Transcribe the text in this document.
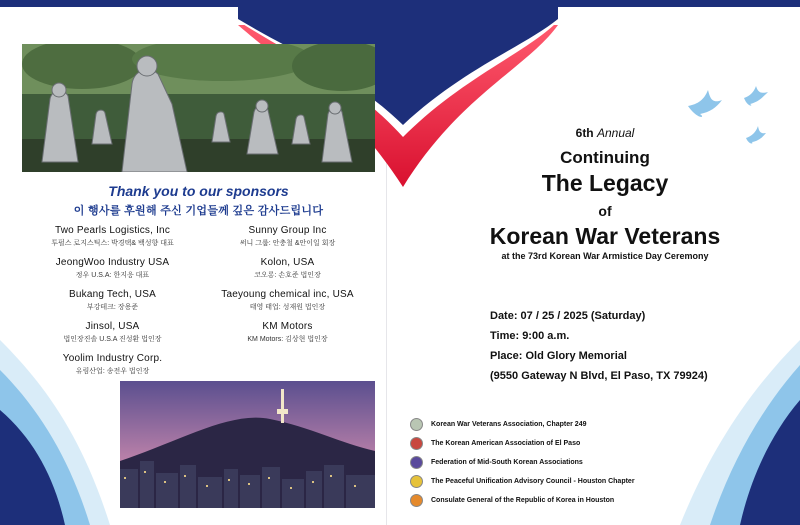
Thank you to our sponsors
이 행사를 후원해 주신 기업들께 깊은 감사드립니다
Two Pearls Logistics, Inc
투펄스 로지스틱스: 박경택& 백성향 대표
JeongWoo Industry USA
정우 U.S.A: 한지응 대표
Bukang Tech, USA
부강테크: 장용준
Jinsol, USA
법인장진솔 U.S.A 진성환 법인장
Yoolim Industry Corp.
유림산업: 송전우 법인장
Sunny Group Inc
써니 그룹: 안충철 &안이일 회장
Kolon, USA
코오롱: 손호준 법인장
Taeyoung chemical inc, USA
태영 태업: 성재원 법인장
KM Motors
KM Motors: 김상현 법인장
6th Annual
Continuing
The Legacy
of
Korean War Veterans
at the 73rd Korean War Armistice Day Ceremony
Date: 07 / 25 / 2025 (Saturday)
Time: 9:00 a.m.
Place: Old Glory Memorial
(9550 Gateway N Blvd, El Paso, TX 79924)
Korean War Veterans Association, Chapter 249
The Korean American Association of El Paso
Federation of Mid-South Korean Associations
The Peaceful Unification Advisory Council - Houston Chapter
Consulate General of the Republic of Korea in Houston
